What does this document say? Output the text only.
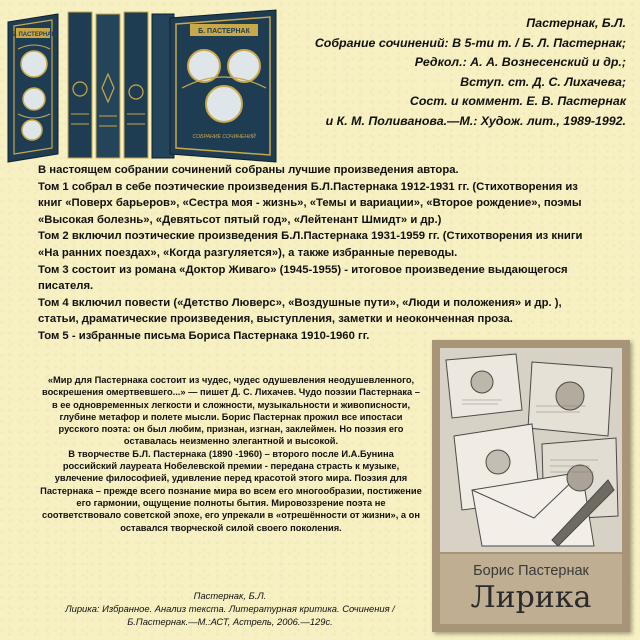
Б. ПАСТЕРНАК	Б. ПАСТЕРНАК
СОБРАНИЕ СОЧИНЕНИЙ
Пастернак, Б.Л.
Собрание сочинений: В 5-ти т. / Б. Л. Пастернак;
Редкол.: А. А. Вознесенский и др.;
Вступ. ст. Д. С. Лихачева;
Сост. и коммент. Е. В. Пастернак
и К. М. Поливанова.—М.: Худож. лит., 1989-1992.
В настоящем собрании сочинений собраны лучшие произведения автора.
Том 1 собрал в себе поэтические произведения Б.Л.Пастернака 1912-1931 гг. (Стихотворения из
книг «Поверх барьеров», «Сестра моя - жизнь», «Темы и вариации», «Второе рождение», поэмы
«Высокая болезнь», «Девятьсот пятый год», «Лейтенант Шмидт» и др.)
Том 2 включил поэтические произведения Б.Л.Пастернака 1931-1959 гг. (Стихотворения из книги
«На ранних поездах», «Когда разгуляется»), а также избранные переводы.
Том 3 состоит из романа «Доктор Живаго» (1945-1955) - итоговое произведение выдающегося
писателя.
Том 4 включил повести («Детство Люверс», «Воздушные пути», «Люди и положения» и др. ),
статьи, драматические произведения, выступления, заметки и неоконченная проза.
Том 5 - избранные письма Бориса Пастернака 1910-1960 гг.

«Мир для Пастернака состоит из чудес, чудес одушевления неодушевленного, воскрешения омертвевшего...» — пишет Д. С. Лихачев. Чудо поэзии Пастернака – в ее одновременных легкости и сложности, музыкальности и живописности, глубине метафор и полете мысли. Борис Пастернак прожил все ипостаси русского поэта: он был любим, признан, изгнан, заклеймен. Но поэзия его оставалась неизменно элегантной и высокой.

В творчестве Б.Л. Пастернака (1890 -1960) – второго после И.А.Бунина российский лауреата Нобелевской премии - передана страсть к музыке, увлечение философией, удивление перед красотой этого мира. Поэзия для Пастернака – прежде всего познание мира во всем его многообразии, постижение его гармонии, ощущение полноты бытия. Мировоззрение поэта не соответствовало советской эпохе, его упрекали в «отрешённости от жизни», а он оставался творческой силой своего поколения.

Пастернак, Б.Л.
Лирика: Избранное. Анализ текста. Литературная критика. Сочинения /
Б.Пастернак.—М.:АСТ, Астрель, 2006.—129с.
Борис Пастернак
Лирика
